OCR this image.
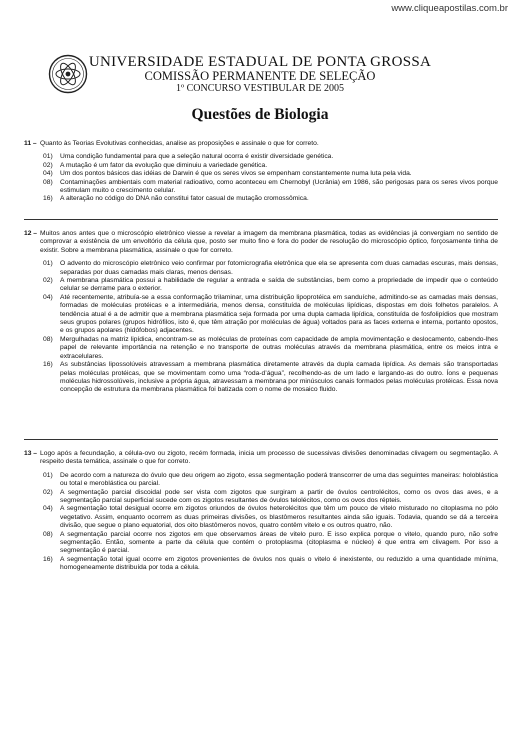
www.cliqueapostilas.com.br
UNIVERSIDADE ESTADUAL DE PONTA GROSSA
COMISSÃO PERMANENTE DE SELEÇÃO
1º CONCURSO VESTIBULAR DE 2005
Questões de Biologia
11 – Quanto às Teorias Evolutivas conhecidas, analise as proposições e assinale o que for correto.
01)	Uma condição fundamental para que a seleção natural ocorra é existir diversidade genética.
02)	A mutação é um fator da evolução que diminuiu a variedade genética.
04)	Um dos pontos básicos das idéias de Darwin é que os seres vivos se empenham constantemente numa luta pela vida.
08)	Contaminações ambientais com material radioativo, como aconteceu em Chernobyl (Ucrânia) em 1986, são perigosas para os seres vivos porque estimulam muito o crescimento celular.
16)	A alteração no código do DNA não constitui fator casual de mutação cromossômica.
12 – Muitos anos antes que o microscópio eletrônico viesse a revelar a imagem da membrana plasmática, todas as evidências já convergiam no sentido de comprovar a existência de um envoltório da célula que, posto ser muito fino e fora do poder de resolução do microscópio óptico, forçosamente tinha de existir. Sobre a membrana plasmática, assinale o que for correto.
01)	O advento do microscópio eletrônico veio confirmar por fotomicrografia eletrônica que ela se apresenta com duas camadas escuras, mais densas, separadas por duas camadas mais claras, menos densas.
02)	A membrana plasmática possui a habilidade de regular a entrada e saída de substâncias, bem como a propriedade de impedir que o conteúdo celular se derrame para o exterior.
04)	Até recentemente, atribuía-se a essa conformação trilaminar, uma distribuição lipoprotéica em sanduíche, admitindo-se as camadas mais densas, formadas de moléculas protéicas e a intermediária, menos densa, constituída de moléculas lipídicas, dispostas em dois folhetos paralelos. A tendência atual é a de admitir que a membrana plasmática seja formada por uma dupla camada lipídica, constituída de fosfolipídios que mostram seus grupos polares (grupos hidrófilos, isto é, que têm atração por moléculas de água) voltados para as faces externa e interna, portanto opostos, e os grupos apolares (hidófobos) adjacentes.
08)	Mergulhadas na matriz lipídica, encontram-se as moléculas de proteínas com capacidade de ampla movimentação e deslocamento, cabendo-lhes papel de relevante importância na retenção e no transporte de outras moléculas através da membrana plasmática, entre os meios intra e extracelulares.
16)	As substâncias lipossolúveis atravessam a membrana plasmática diretamente através da dupla camada lipídica. As demais são transportadas pelas moléculas protéicas, que se movimentam como uma “roda-d’água”, recolhendo-as de um lado e largando-as do outro. Íons e pequenas moléculas hidrossolúveis, inclusive a própria água, atravessam a membrana por minúsculos canais formados pelas moléculas protéicas. Essa nova concepção de estrutura da membrana plasmática foi batizada com o nome de mosaico fluido.
13 – Logo após a fecundação, a célula-ovo ou zigoto, recém formada, inicia um processo de sucessivas divisões denominadas clivagem ou segmentação. A respeito desta temática, assinale o que for correto.
01)	De acordo com a natureza do óvulo que deu origem ao zigoto, essa segmentação poderá transcorrer de uma das seguintes maneiras: holoblástica ou total e meroblástica ou parcial.
02)	A segmentação parcial discoidal pode ser vista com zigotos que surgiram a partir de óvulos centrolécitos, como os ovos das aves, e a segmentação parcial superficial sucede com os zigotos resultantes de óvulos telolécitos, como os ovos dos répteis.
04)	A segmentação total desigual ocorre em zigotos oriundos de óvulos heterolécitos que têm um pouco de vitelo misturado no citoplasma no pólo vegetativo. Assim, enquanto ocorrem as duas primeiras divisões, os blastômeros resultantes ainda são iguais. Todavia, quando se dá a terceira divisão, que segue o plano equatorial, dos oito blastômeros novos, quatro contêm vitelo e os outros quatro, não.
08)	A segmentação parcial ocorre nos zigotos em que observamos áreas de vitelo puro. E isso explica porque o vitelo, quando puro, não sofre segmentação. Então, somente a parte da célula que contém o protoplasma (citoplasma e núcleo) é que entra em clivagem. Por isso a segmentação é parcial.
16)	A segmentação total igual ocorre em zigotos provenientes de óvulos nos quais o vitelo é inexistente, ou reduzido a uma quantidade mínima, homogeneamente distribuída por toda a célula.
